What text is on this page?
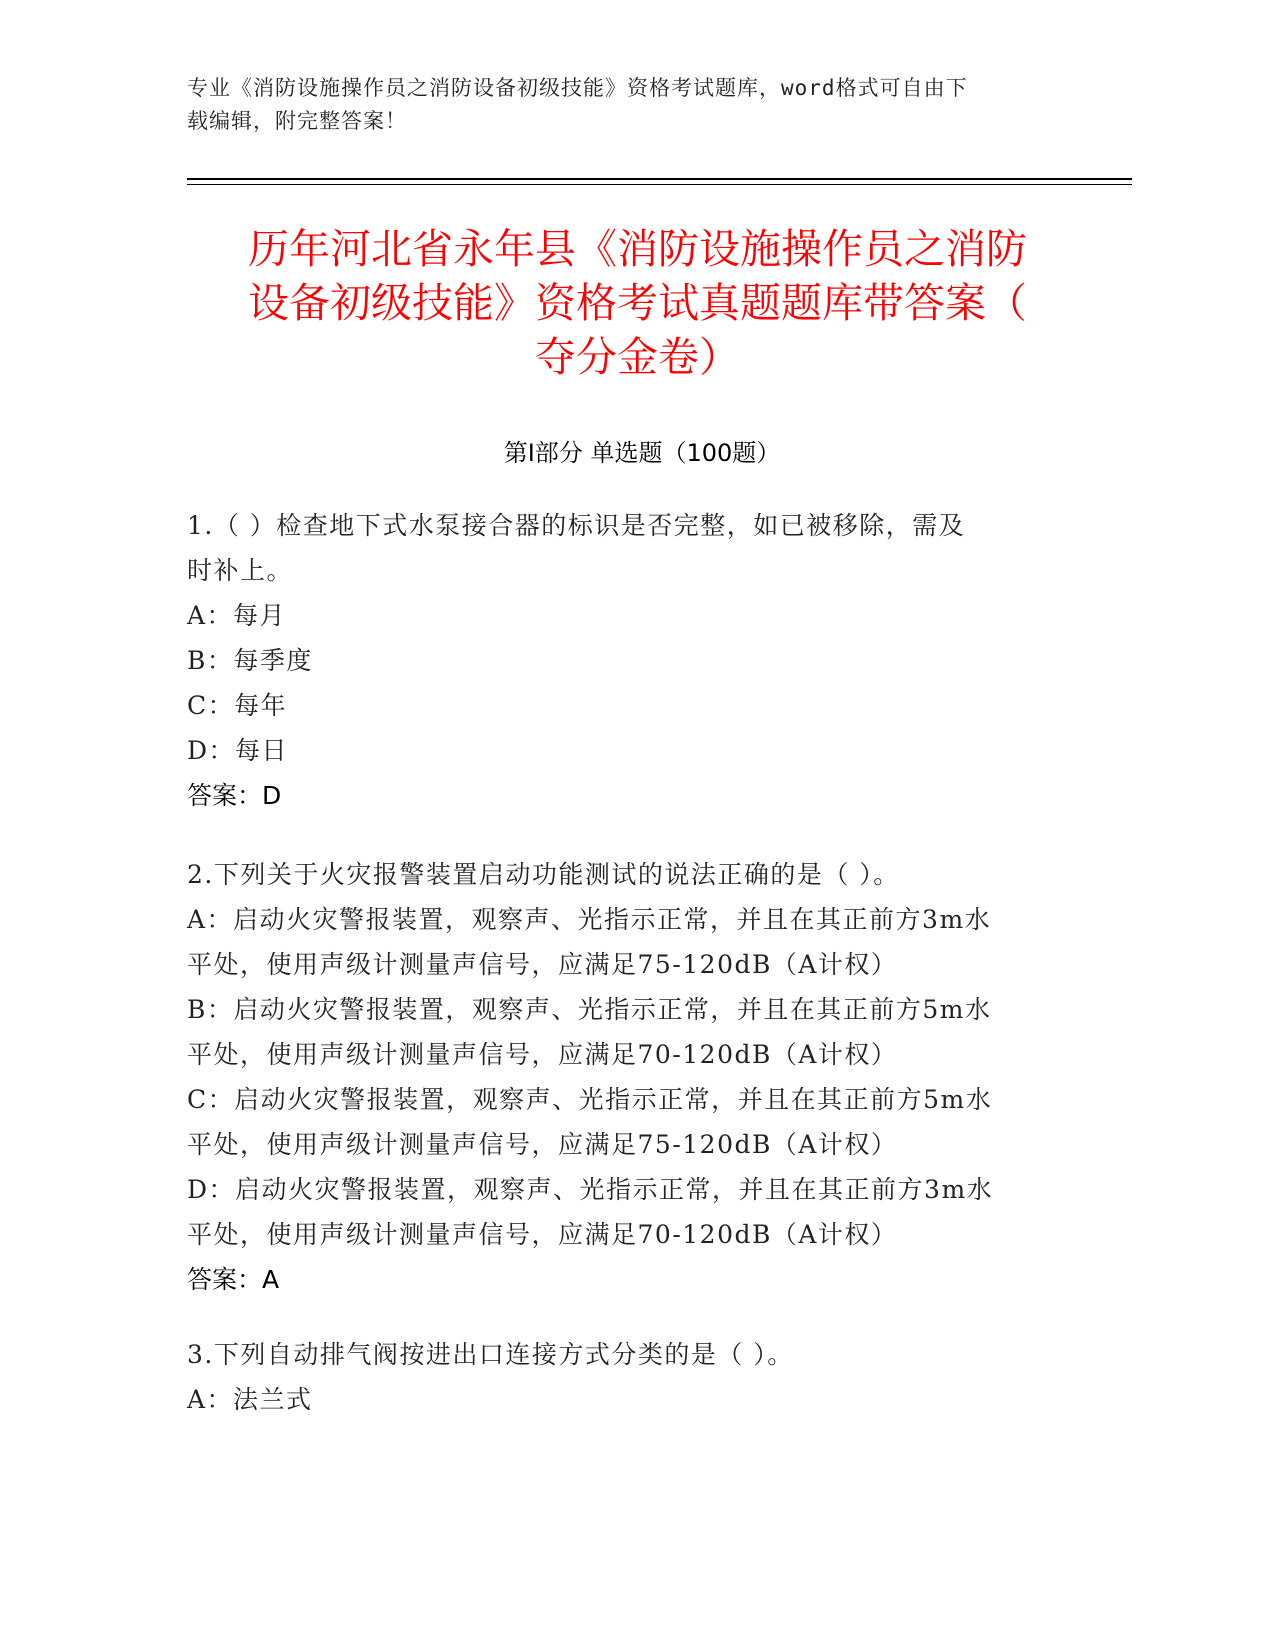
专业《消防设施操作员之消防设备初级技能》资格考试题库，word格式可自由下
载编辑，附完整答案！
历年河北省永年县《消防设施操作员之消防
设备初级技能》资格考试真题题库带答案（
夺分金卷）
第Ⅰ部分 单选题（100题）
1.（ ）检查地下式水泵接合器的标识是否完整，如已被移除，需及
时补上。
A：每月
B：每季度
C：每年
D：每日
答案：D
2.下列关于火灾报警装置启动功能测试的说法正确的是（ ）。
A：启动火灾警报装置，观察声、光指示正常，并且在其正前方3m水
平处，使用声级计测量声信号，应满足75-120dB（A计权）
B：启动火灾警报装置，观察声、光指示正常，并且在其正前方5m水
平处，使用声级计测量声信号，应满足70-120dB（A计权）
C：启动火灾警报装置，观察声、光指示正常，并且在其正前方5m水
平处，使用声级计测量声信号，应满足75-120dB（A计权）
D：启动火灾警报装置，观察声、光指示正常，并且在其正前方3m水
平处，使用声级计测量声信号，应满足70-120dB（A计权）
答案：A
3.下列自动排气阀按进出口连接方式分类的是（ ）。
A：法兰式
